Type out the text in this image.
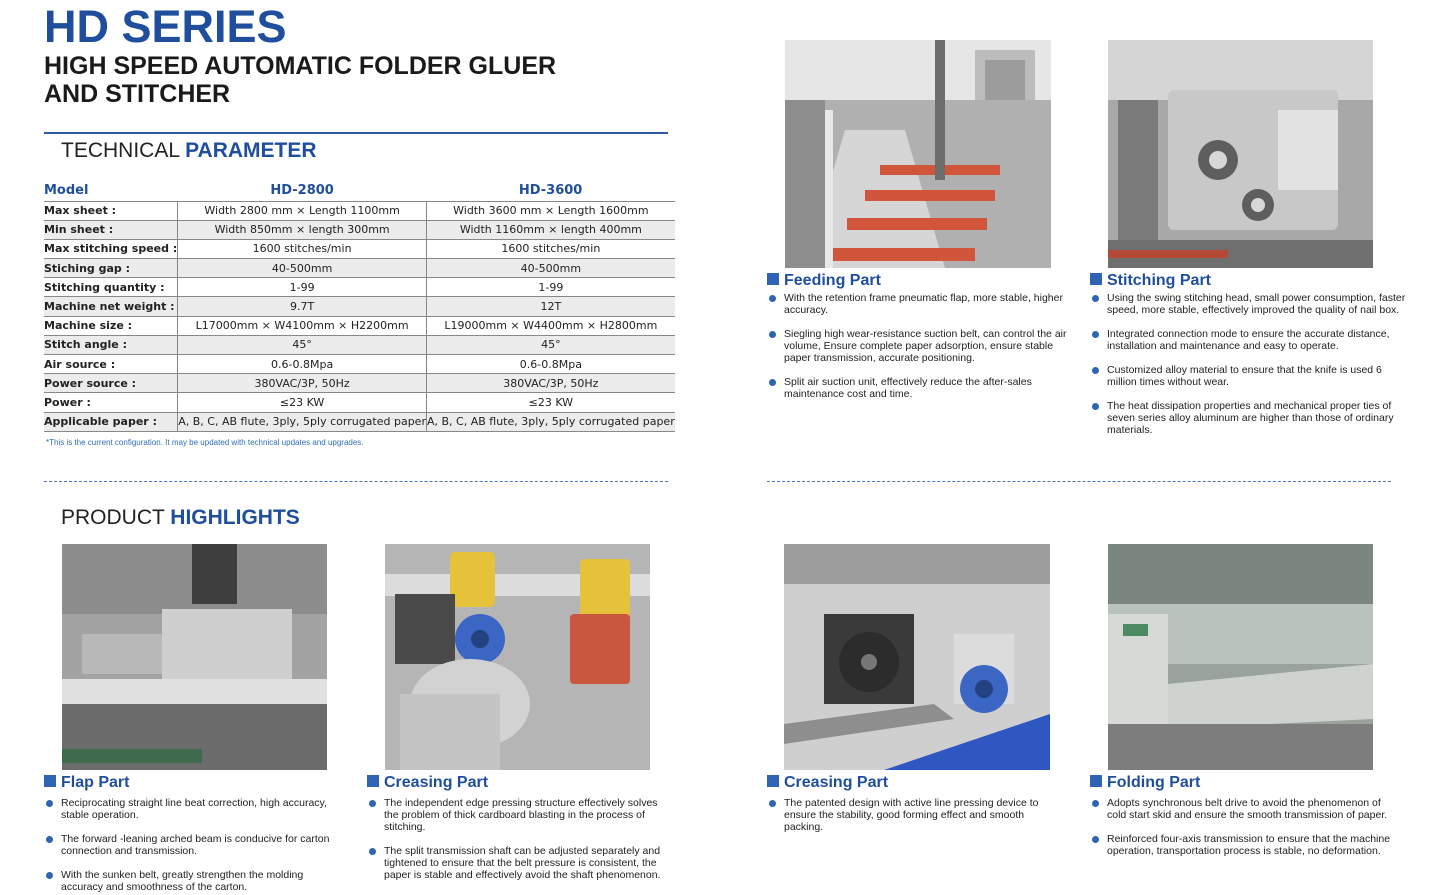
HD SERIES
HIGH SPEED AUTOMATIC FOLDER GLUER
AND STITCHER
TECHNICAL PARAMETER
Model	HD-2800	HD-3600
Max sheet :	Width 2800 mm × Length 1100mm	Width 3600 mm × Length 1600mm
Min sheet :	Width 850mm × length 300mm	Width 1160mm × length 400mm
Max stitching speed :	1600 stitches/min	1600 stitches/min
Stiching gap :	40-500mm	40-500mm
Stitching quantity :	1-99	1-99
Machine net weight :	9.7T	12T
Machine size :	L17000mm × W4100mm × H2200mm	L19000mm × W4400mm × H2800mm
Stitch angle :	45°	45°
Air source :	0.6-0.8Mpa	0.6-0.8Mpa
Power source :	380VAC/3P, 50Hz	380VAC/3P, 50Hz
Power :	≤23 KW	≤23 KW
Applicable paper :	A, B, C, AB flute, 3ply, 5ply corrugated paper	A, B, C, AB flute, 3ply, 5ply corrugated paper
*This is the current configuration. It may be updated with technical updates and upgrades.
PRODUCT HIGHLIGHTS
Feeding Part
With the retention frame pneumatic flap, more stable, higher accuracy.
Siegling high wear-resistance suction belt, can control the air volume, Ensure complete paper adsorption, ensure stable paper transmission, accurate positioning.
Split air suction unit, effectively reduce the after-sales maintenance cost and time.
Stitching Part
Using the swing stitching head, small power consumption, faster speed, more stable, effectively improved the quality of nail box.
Integrated connection mode to ensure the accurate distance, installation and maintenance and easy to operate.
Customized alloy material to ensure that the knife is used 6 million times without wear.
The heat dissipation properties and mechanical proper ties of seven series alloy aluminum are higher than those of ordinary materials.
Flap Part
Reciprocating straight line beat correction, high accuracy, stable operation.
The forward -leaning arched beam is conducive for carton connection and transmission.
With the sunken belt, greatly strengthen the molding accuracy and smoothness of the carton.
Creasing Part
The independent edge pressing structure effectively solves the problem of thick cardboard blasting in the process of stitching.
The split transmission shaft can be adjusted separately and tightened to ensure that the belt pressure is consistent, the paper is stable and effectively avoid the shaft phenomenon.
Creasing Part
The patented design with active line pressing device to ensure the stability, good forming effect and smooth packing.
Folding Part
Adopts synchronous belt drive to avoid the phenomenon of cold start skid and ensure the smooth transmission of paper.
Reinforced four-axis transmission to ensure that the machine operation, transportation process is stable, no deformation.
